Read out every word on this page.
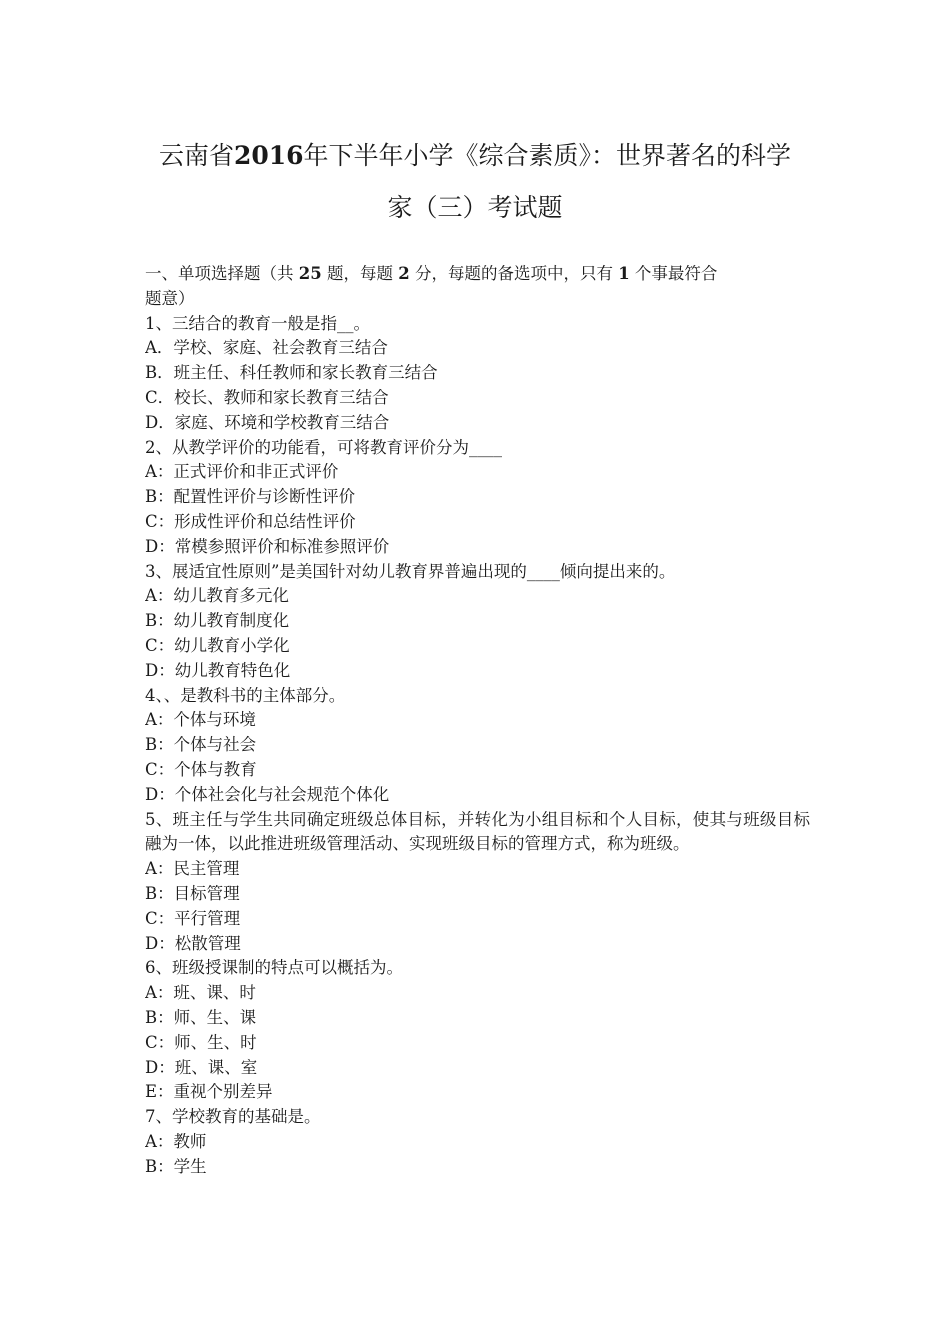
云南省2016年下半年小学《综合素质》：世界著名的科学
家（三）考试题
一、单项选择题（共 25 题，每题 2 分，每题的备选项中，只有 1 个事最符合
题意）
1、三结合的教育一般是指__。
A．学校、家庭、社会教育三结合
B．班主任、科任教师和家长教育三结合
C．校长、教师和家长教育三结合
D．家庭、环境和学校教育三结合
2、从教学评价的功能看，可将教育评价分为____
A：正式评价和非正式评价
B：配置性评价与诊断性评价
C：形成性评价和总结性评价
D：常模参照评价和标准参照评价
3、展适宜性原则”是美国针对幼儿教育界普遍出现的____倾向提出来的。
A：幼儿教育多元化
B：幼儿教育制度化
C：幼儿教育小学化
D：幼儿教育特色化
4、、是教科书的主体部分。
A：个体与环境
B：个体与社会
C：个体与教育
D：个体社会化与社会规范个体化
5、班主任与学生共同确定班级总体目标，并转化为小组目标和个人目标，使其与班级目标融为一体，以此推进班级管理活动、实现班级目标的管理方式，称为班级。
A：民主管理
B：目标管理
C：平行管理
D：松散管理
6、班级授课制的特点可以概括为。
A：班、课、时
B：师、生、课
C：师、生、时
D：班、课、室
E：重视个别差异
7、学校教育的基础是。
A：教师
B：学生
